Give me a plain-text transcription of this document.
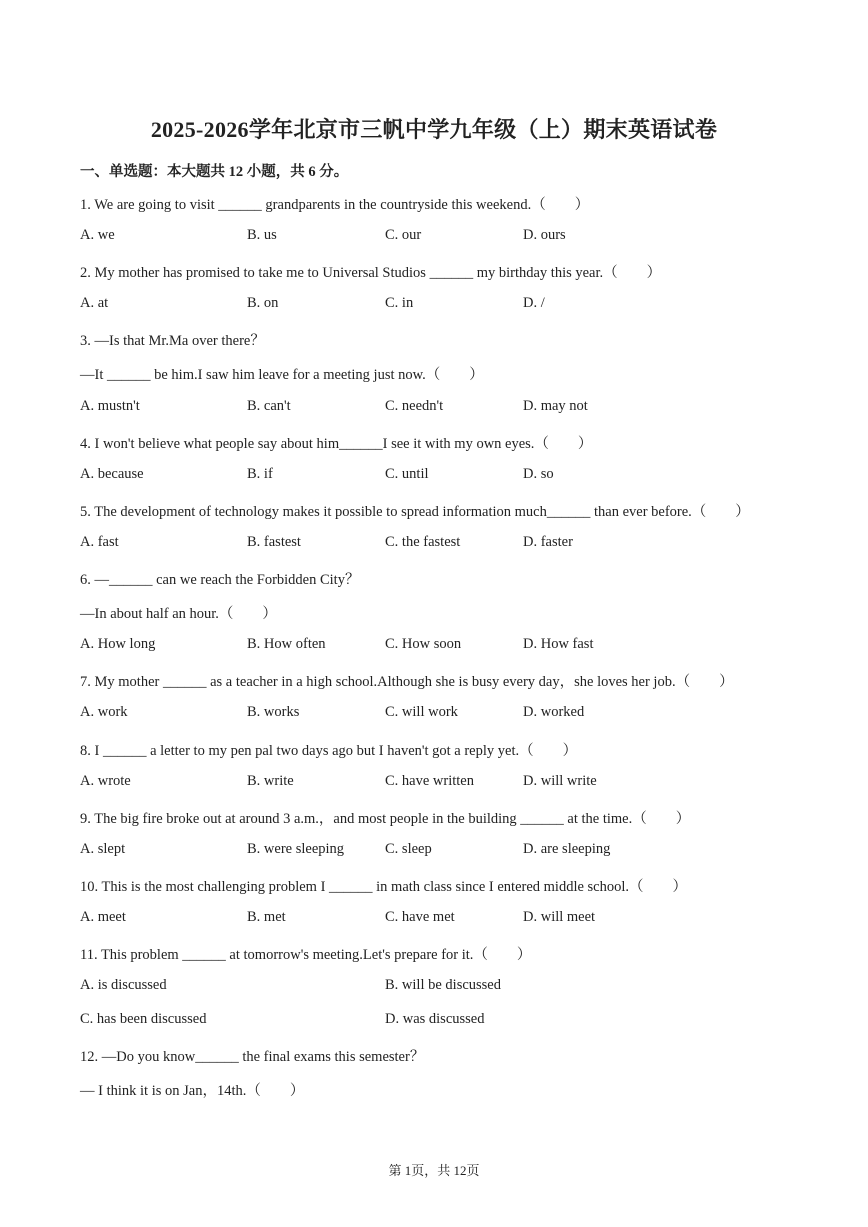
2025-2026学年北京市三帆中学九年级（上）期末英语试卷
一、单选题：本大题共 12 小题，共 6 分。
1. We are going to visit ______ grandparents in the countryside this weekend.（　　）
A. we	B. us	C. our	D. ours
2. My mother has promised to take me to Universal Studios ______ my birthday this year.（　　）
A. at	B. on	C. in	D. /
3. —Is that Mr.Ma over there？
—It ______ be him.I saw him leave for a meeting just now.（　　）
A. mustn't	B. can't	C. needn't	D. may not
4. I won't believe what people say about him______I see it with my own eyes.（　　）
A. because	B. if	C. until	D. so
5. The development of technology makes it possible to spread information much______ than ever before.（　　）
A. fast	B. fastest	C. the fastest	D. faster
6. —______ can we reach the Forbidden City？
—In about half an hour.（　　）
A. How long	B. How often	C. How soon	D. How fast
7. My mother ______ as a teacher in a high school.Although she is busy every day，she loves her job.（　　）
A. work	B. works	C. will work	D. worked
8. I ______ a letter to my pen pal two days ago but I haven't got a reply yet.（　　）
A. wrote	B. write	C. have written	D. will write
9. The big fire broke out at around 3 a.m.，and most people in the building ______ at the time.（　　）
A. slept	B. were sleeping	C. sleep	D. are sleeping
10. This is the most challenging problem I ______ in math class since I entered middle school.（　　）
A. meet	B. met	C. have met	D. will meet
11. This problem ______ at tomorrow's meeting.Let's prepare for it.（　　）
A. is discussed	B. will be discussed
C. has been discussed	D. was discussed
12. —Do you know______ the final exams this semester？
— I think it is on Jan，14th.（　　）
第 1页，共 12页
